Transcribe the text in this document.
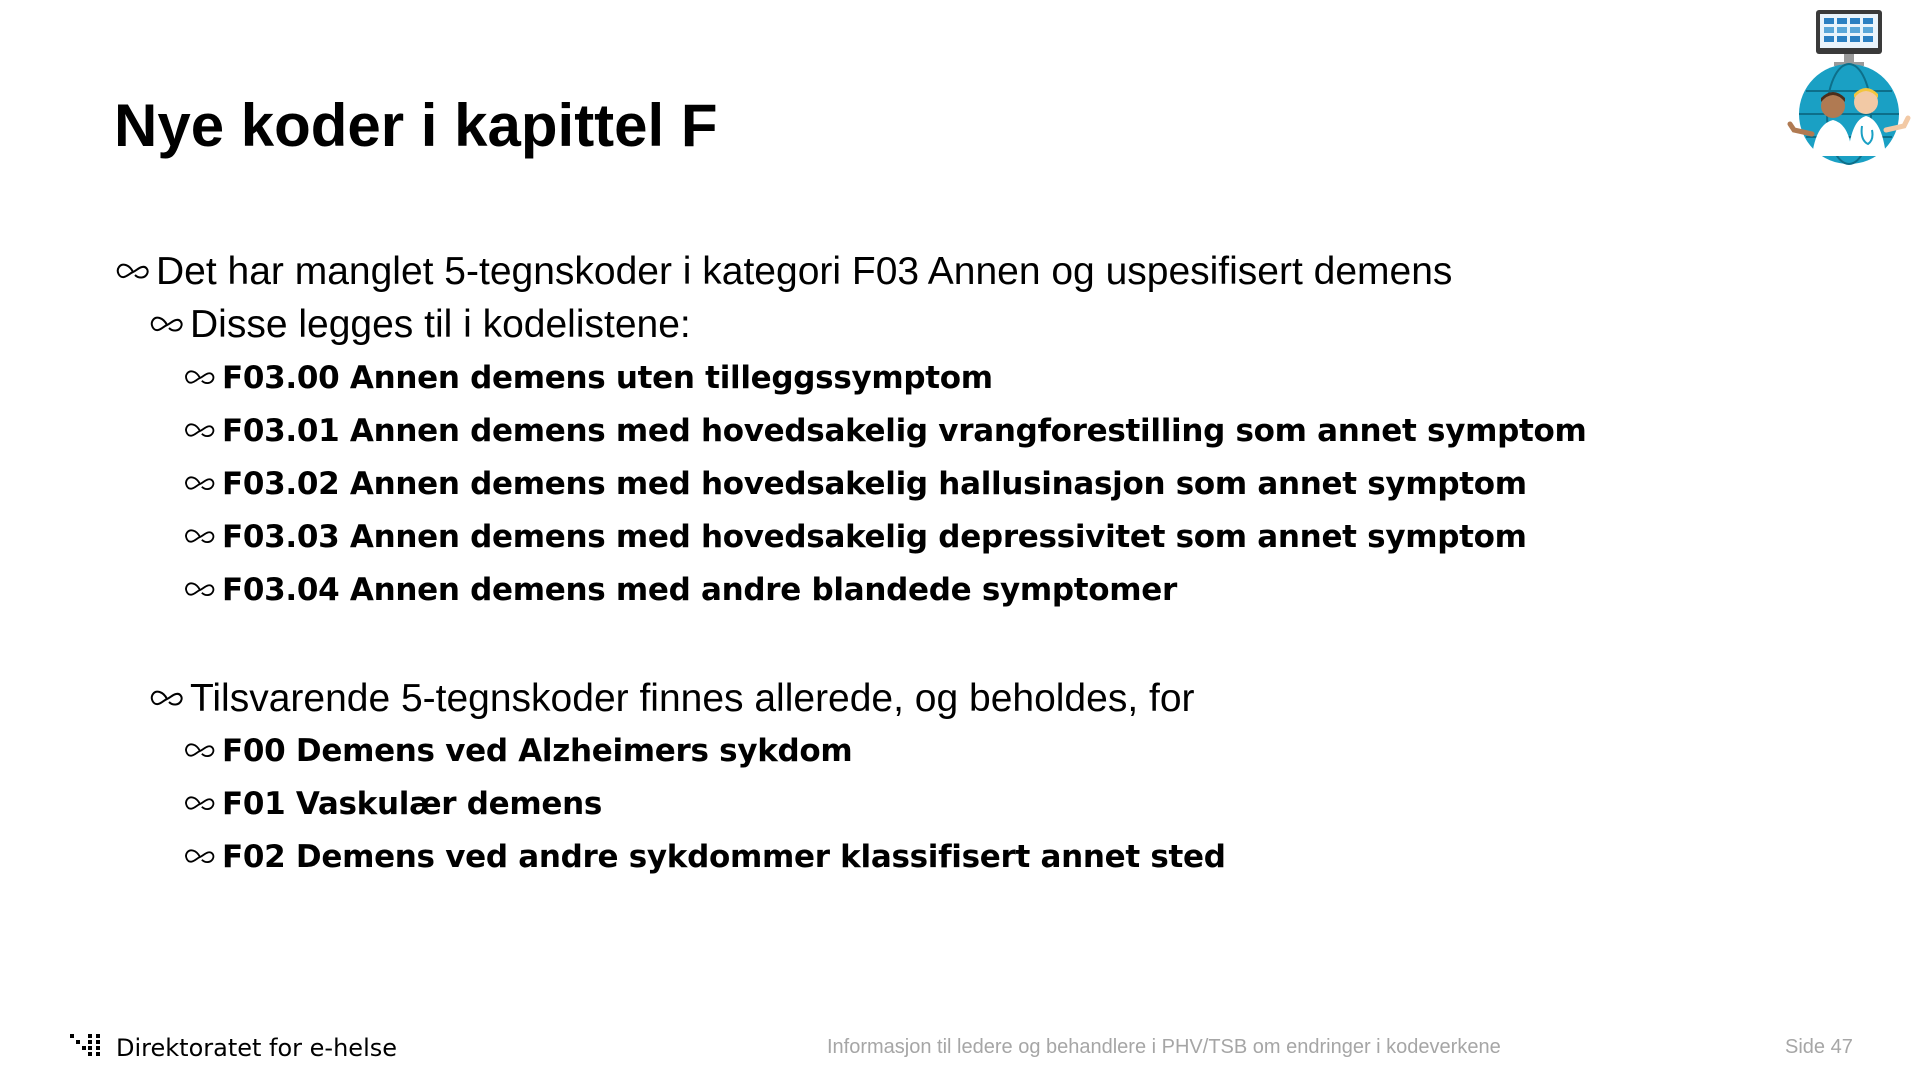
Nye koder i kapittel F
Det har manglet 5-tegnskoder i kategori F03 Annen og uspesifisert demens
Disse legges til i kodelistene:
F03.00 Annen demens uten tilleggssymptom
F03.01 Annen demens med hovedsakelig vrangforestilling som annet symptom
F03.02 Annen demens med hovedsakelig hallusinasjon som annet symptom
F03.03 Annen demens med hovedsakelig depressivitet som annet symptom
F03.04 Annen demens med andre blandede symptomer
Tilsvarende 5-tegnskoder finnes allerede, og beholdes, for
F00 Demens ved Alzheimers sykdom
F01 Vaskulær demens
F02 Demens ved andre sykdommer klassifisert annet sted
Direktoratet for e-helse	Informasjon til ledere og behandlere i PHV/TSB om endringer i kodeverkene	Side 47
